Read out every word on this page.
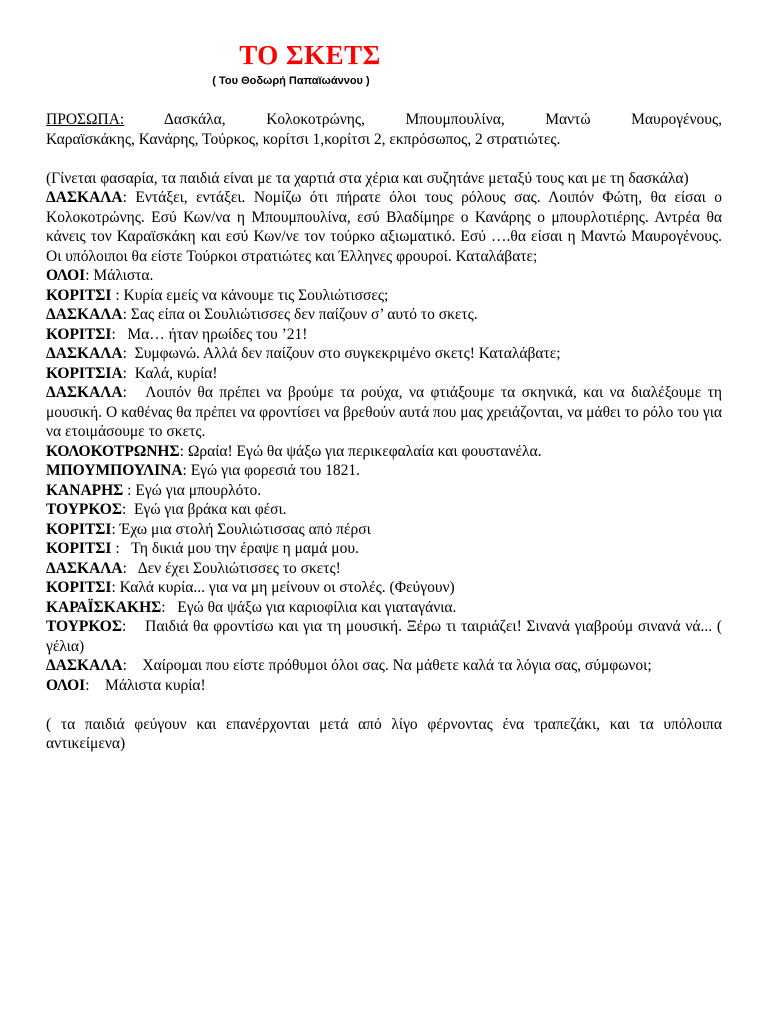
ΤΟ ΣΚΕΤΣ
( Του Θοδωρή Παπαϊωάννου )

ΠΡΟΣΩΠΑ: Δασκάλα, Κολοκοτρώνης, Μπουμπουλίνα, Μαντώ Μαυρογένους,

Καραϊσκάκης, Κανάρης, Τούρκος, κορίτσι 1,κορίτσι 2, εκπρόσωπος, 2 στρατιώτες.

(Γίνεται φασαρία, τα παιδιά είναι με τα χαρτιά στα χέρια και συζητάνε μεταξύ τους και με τη δασκάλα)

ΔΑΣΚΑΛΑ: Εντάξει, εντάξει. Νομίζω ότι πήρατε όλοι τους ρόλους σας. Λοιπόν Φώτη, θα είσαι ο Κολοκοτρώνης. Εσύ Κων/να η Μπουμπουλίνα, εσύ Βλαδίμηρε ο Κανάρης ο μπουρλοτιέρης. Αντρέα θα κάνεις τον Καραϊσκάκη και εσύ Κων/νε τον τούρκο αξιωματικό. Εσύ ….θα είσαι η Μαντώ Μαυρογένους. Οι υπόλοιποι θα είστε Τούρκοι στρατιώτες και Έλληνες φρουροί. Καταλάβατε;

ΟΛΟΙ: Μάλιστα.

ΚΟΡΙΤΣΙ : Κυρία εμείς να κάνουμε τις Σουλιώτισσες;

ΔΑΣΚΑΛΑ: Σας είπα οι Σουλιώτισσες δεν παίζουν σ’ αυτό το σκετς.

ΚΟΡΙΤΣΙ:   Μα… ήταν ηρωίδες του ’21!

ΔΑΣΚΑΛΑ:  Συμφωνώ. Αλλά δεν παίζουν στο συγκεκριμένο σκετς! Καταλάβατε;

ΚΟΡΙΤΣΙΑ:  Καλά, κυρία!

ΔΑΣΚΑΛΑ:   Λοιπόν θα πρέπει να βρούμε τα ρούχα, να φτιάξουμε τα σκηνικά, και να διαλέξουμε τη μουσική. Ο καθένας θα πρέπει να φροντίσει να βρεθούν αυτά που μας χρειάζονται, να μάθει το ρόλο του για να ετοιμάσουμε το σκετς.

ΚΟΛΟΚΟΤΡΩΝΗΣ: Ωραία! Εγώ θα ψάξω για περικεφαλαία και φουστανέλα.

ΜΠΟΥΜΠΟΥΛΙΝΑ: Εγώ για φορεσιά του 1821.

ΚΑΝΑΡΗΣ : Εγώ για μπουρλότο.

ΤΟΥΡΚΟΣ:  Εγώ για βράκα και φέσι.

ΚΟΡΙΤΣΙ: Έχω μια στολή Σουλιώτισσας από πέρσι

ΚΟΡΙΤΣΙ :   Τη δικιά μου την έραψε η μαμά μου.

ΔΑΣΚΑΛΑ:   Δεν έχει Σουλιώτισσες το σκετς!

ΚΟΡΙΤΣΙ: Καλά κυρία... για να μη μείνουν οι στολές. (Φεύγουν)

ΚΑΡΑΪΣΚΑΚΗΣ:   Εγώ θα ψάξω για καριοφίλια και γιαταγάνια.

ΤΟΥΡΚΟΣ:    Παιδιά θα φροντίσω και για τη μουσική. Ξέρω τι ταιριάζει! Σινανά γιαβρούμ σινανά νά... ( γέλια)

ΔΑΣΚΑΛΑ:    Χαίρομαι που είστε πρόθυμοι όλοι σας. Να μάθετε καλά τα λόγια σας, σύμφωνοι;

ΟΛΟΙ:    Μάλιστα κυρία!

( τα παιδιά φεύγουν και επανέρχονται μετά από λίγο φέρνοντας ένα τραπεζάκι, και τα υπόλοιπα αντικείμενα)
